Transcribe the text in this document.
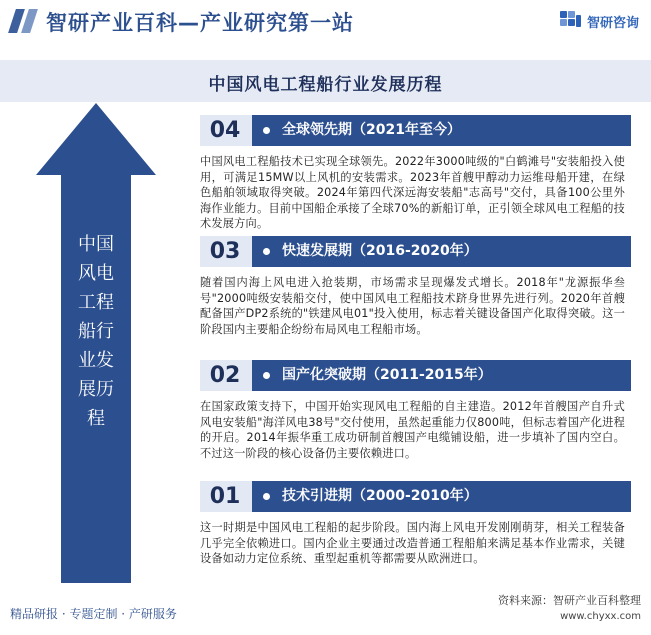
智研产业百科—产业研究第一站	智研咨询
中国风电工程船行业发展历程
中国
风电
工程
船行
业发
展历
程
04	全球领先期（2021年至今）
中国风电工程船技术已实现全球领先。2022年3000吨级的"白鹤滩号"安装船投入使用，可满足15MW以上风机的安装需求。2023年首艘甲醇动力运维母船开建，在绿色船舶领域取得突破。2024年第四代深远海安装船"志高号"交付，具备100公里外海作业能力。目前中国船企承接了全球70%的新船订单，正引领全球风电工程船的技术发展方向。
03	快速发展期（2016-2020年）
随着国内海上风电进入抢装期，市场需求呈现爆发式增长。2018年"龙源振华叁号"2000吨级安装船交付，使中国风电工程船技术跻身世界先进行列。2020年首艘配备国产DP2系统的"铁建风电01"投入使用，标志着关键设备国产化取得突破。这一阶段国内主要船企纷纷布局风电工程船市场。
02	国产化突破期（2011-2015年）
在国家政策支持下，中国开始实现风电工程船的自主建造。2012年首艘国产自升式风电安装船"海洋风电38号"交付使用，虽然起重能力仅800吨，但标志着国产化进程的开启。2014年振华重工成功研制首艘国产电缆铺设船，进一步填补了国内空白。不过这一阶段的核心设备仍主要依赖进口。
01	技术引进期（2000-2010年）
这一时期是中国风电工程船的起步阶段。国内海上风电开发刚刚萌芽，相关工程装备几乎完全依赖进口。国内企业主要通过改造普通工程船舶来满足基本作业需求，关键设备如动力定位系统、重型起重机等都需要从欧洲进口。
精品研报 · 专题定制 · 产研服务
资料来源：智研产业百科整理
www.chyxx.com
